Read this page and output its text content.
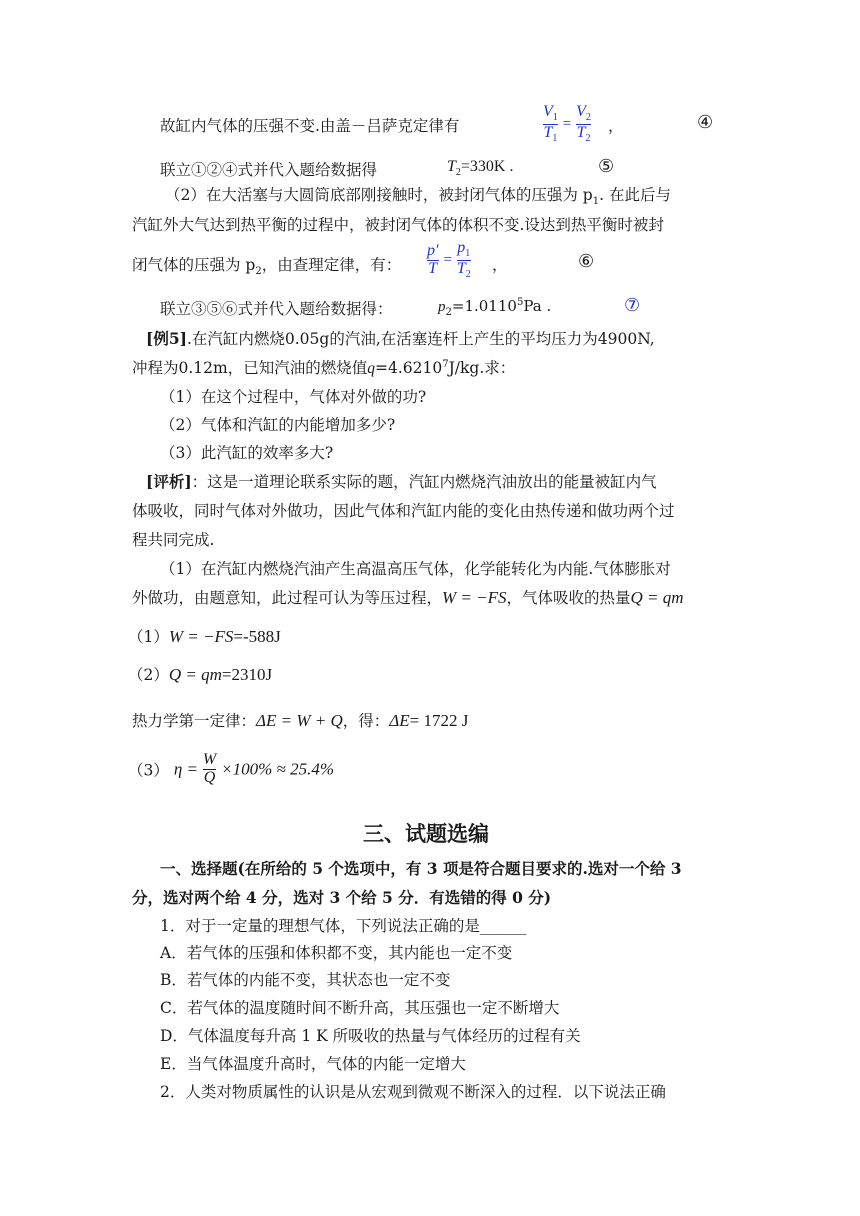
故缸内气体的压强不变.由盖－吕萨克定律有	$\frac{V_1}{T_1} = \frac{V_2}{T_2}$ ，	④
联立①②④式并代入题给数据得	$T_2=330K$ .	⑤
（2）在大活塞与大圆筒底部刚接触时，被封闭气体的压强为 $p_1$. 在此后与
汽缸外大气达到热平衡的过程中，被封闭气体的体积不变.设达到热平衡时被封
闭气体的压强为 $p_2$，由查理定律，有： $\frac{p'}{T} = \frac{p_1}{T_2}$ ，	⑥
联立③⑤⑥式并代入题给数据得：	$p_2=1.0110^5Pa$ .	⑦
[例5].在汽缸内燃烧0.05g的汽油,在活塞连杆上产生的平均压力为4900N,
冲程为0.12m，已知汽油的燃烧值$q=4.6210^7J/kg$.求：
（1）在这个过程中，气体对外做的功?
（2）气体和汽缸的内能增加多少?
（3）此汽缸的效率多大?
[评析]：这是一道理论联系实际的题，汽缸内燃烧汽油放出的能量被缸内气
体吸收，同时气体对外做功，因此气体和汽缸内能的变化由热传递和做功两个过
程共同完成.
（1）在汽缸内燃烧汽油产生高温高压气体，化学能转化为内能.气体膨胀对
外做功，由题意知，此过程可认为等压过程，W = −FS，气体吸收的热量Q = qm
（1）W = −FS=-588J
（2）Q = qm=2310J
热力学第一定律：ΔE = W + Q，得：ΔE= 1722 J
（3） $\eta = \frac{W}{Q} \times 100\% \approx 25.4\%$
三、试题选编
一、选择题(在所给的 5 个选项中，有 3 项是符合题目要求的.选对一个给 3
分，选对两个给 4 分，选对 3 个给 5 分．有选错的得 0 分)
1．对于一定量的理想气体，下列说法正确的是______
A．若气体的压强和体积都不变，其内能也一定不变
B．若气体的内能不变，其状态也一定不变
C．若气体的温度随时间不断升高，其压强也一定不断增大
D．气体温度每升高 1 K 所吸收的热量与气体经历的过程有关
E．当气体温度升高时，气体的内能一定增大
2．人类对物质属性的认识是从宏观到微观不断深入的过程．以下说法正确
